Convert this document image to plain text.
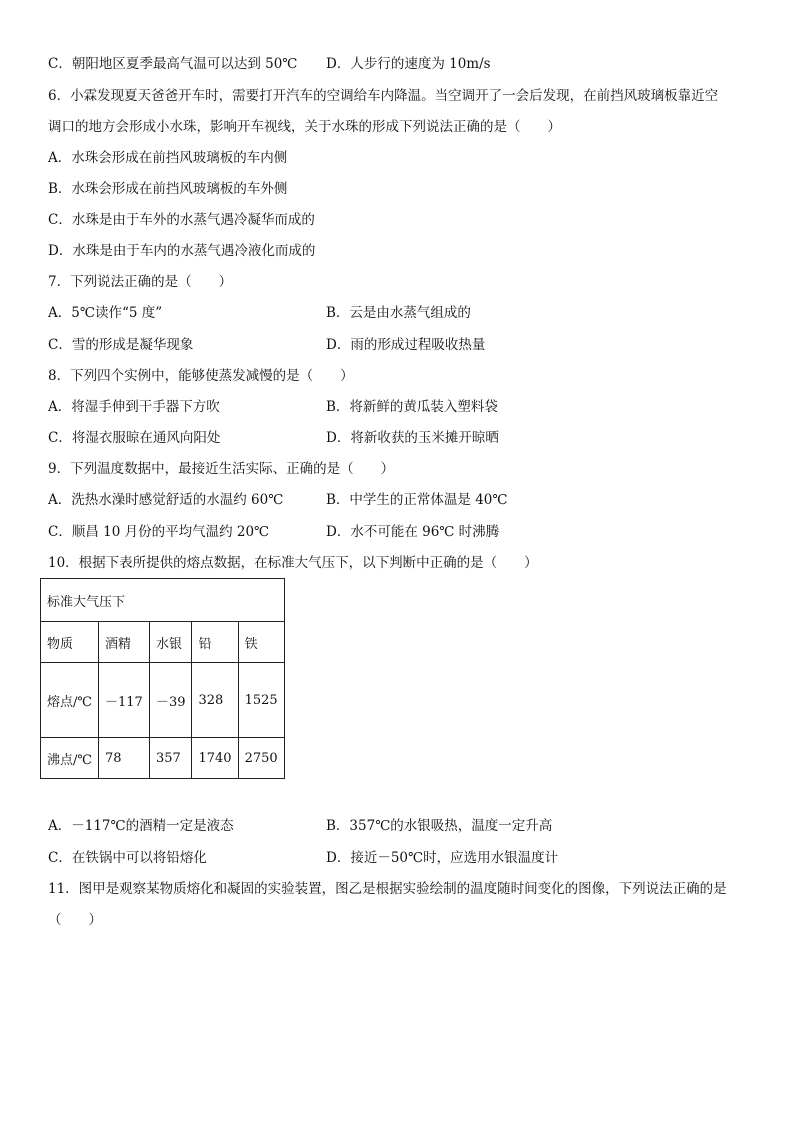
C．朝阳地区夏季最高气温可以达到 50℃ D．人步行的速度为 10m/s
6．小霖发现夏天爸爸开车时，需要打开汽车的空调给车内降温。当空调开了一会后发现，在前挡风玻璃板靠近空
调口的地方会形成小水珠，影响开车视线，关于水珠的形成下列说法正确的是（　　）
A．水珠会形成在前挡风玻璃板的车内侧
B．水珠会形成在前挡风玻璃板的车外侧
C．水珠是由于车外的水蒸气遇冷凝华而成的
D．水珠是由于车内的水蒸气遇冷液化而成的
7．下列说法正确的是（　　）
A．5℃读作“5 度”	B．云是由水蒸气组成的
C．雪的形成是凝华现象	D．雨的形成过程吸收热量
8．下列四个实例中，能够使蒸发减慢的是（　　）
A．将湿手伸到干手器下方吹	B．将新鲜的黄瓜装入塑料袋
C．将湿衣服晾在通风向阳处	D．将新收获的玉米摊开晾晒
9．下列温度数据中，最接近生活实际、正确的是（　　）
A．洗热水澡时感觉舒适的水温约 60℃	B．中学生的正常体温是 40℃
C．顺昌 10 月份的平均气温约 20℃	D．水不可能在 96℃ 时沸腾
10．根据下表所提供的熔点数据，在标准大气压下，以下判断中正确的是（　　）
标准大气压下				
物质	酒精	水银	铅	铁
熔点/℃	－117	－39	328	1525
沸点/℃	78	357	1740	2750
A．－117℃的酒精一定是液态	B．357℃的水银吸热，温度一定升高
C．在铁锅中可以将铅熔化	D．接近－50℃时，应选用水银温度计
11．图甲是观察某物质熔化和凝固的实验装置，图乙是根据实验绘制的温度随时间变化的图像，下列说法正确的是
（　　）
